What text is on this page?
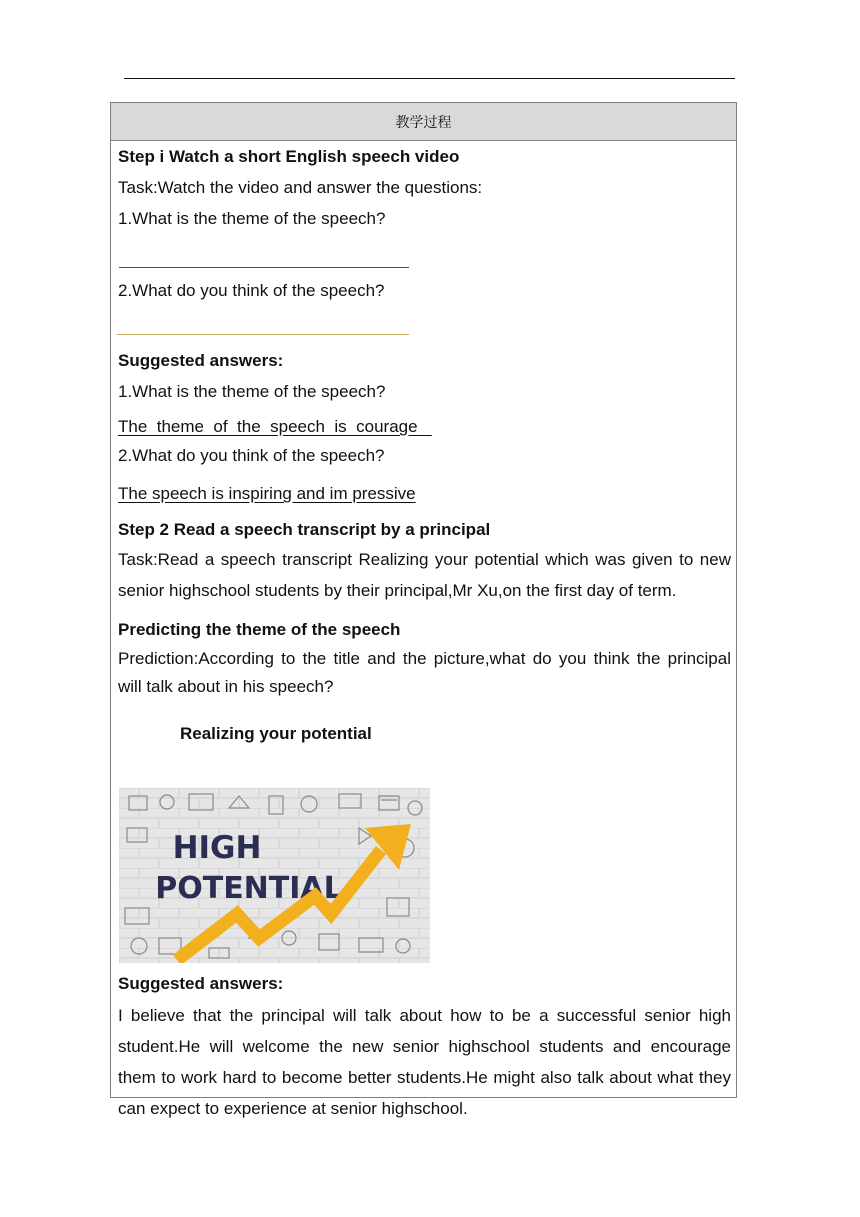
教学过程
Step i Watch a short English speech video
Task:Watch the video and answer the questions:
1.What is the theme of the speech?
2.What do you think of the speech?
Suggested answers:
1.What is the theme of the speech?
The  theme  of  the  speech  is  courage
2.What do you think of the speech?
The speech is inspiring and im pressive
Step 2 Read a speech transcript by a principal
Task:Read a speech transcript Realizing your potential which was given to new senior highschool students by their principal,Mr Xu,on the first day of term.
Predicting the theme of the speech
Prediction:According to the title and the picture,what do you think the principal will talk about in his speech?
Realizing your potential
HIGH
POTENTIAL
Suggested answers:
I believe that the principal will talk about how to be a successful senior high student.He will welcome the new senior highschool students and encourage them to work hard to become better students.He might also talk about what they can expect to experience at senior highschool.
